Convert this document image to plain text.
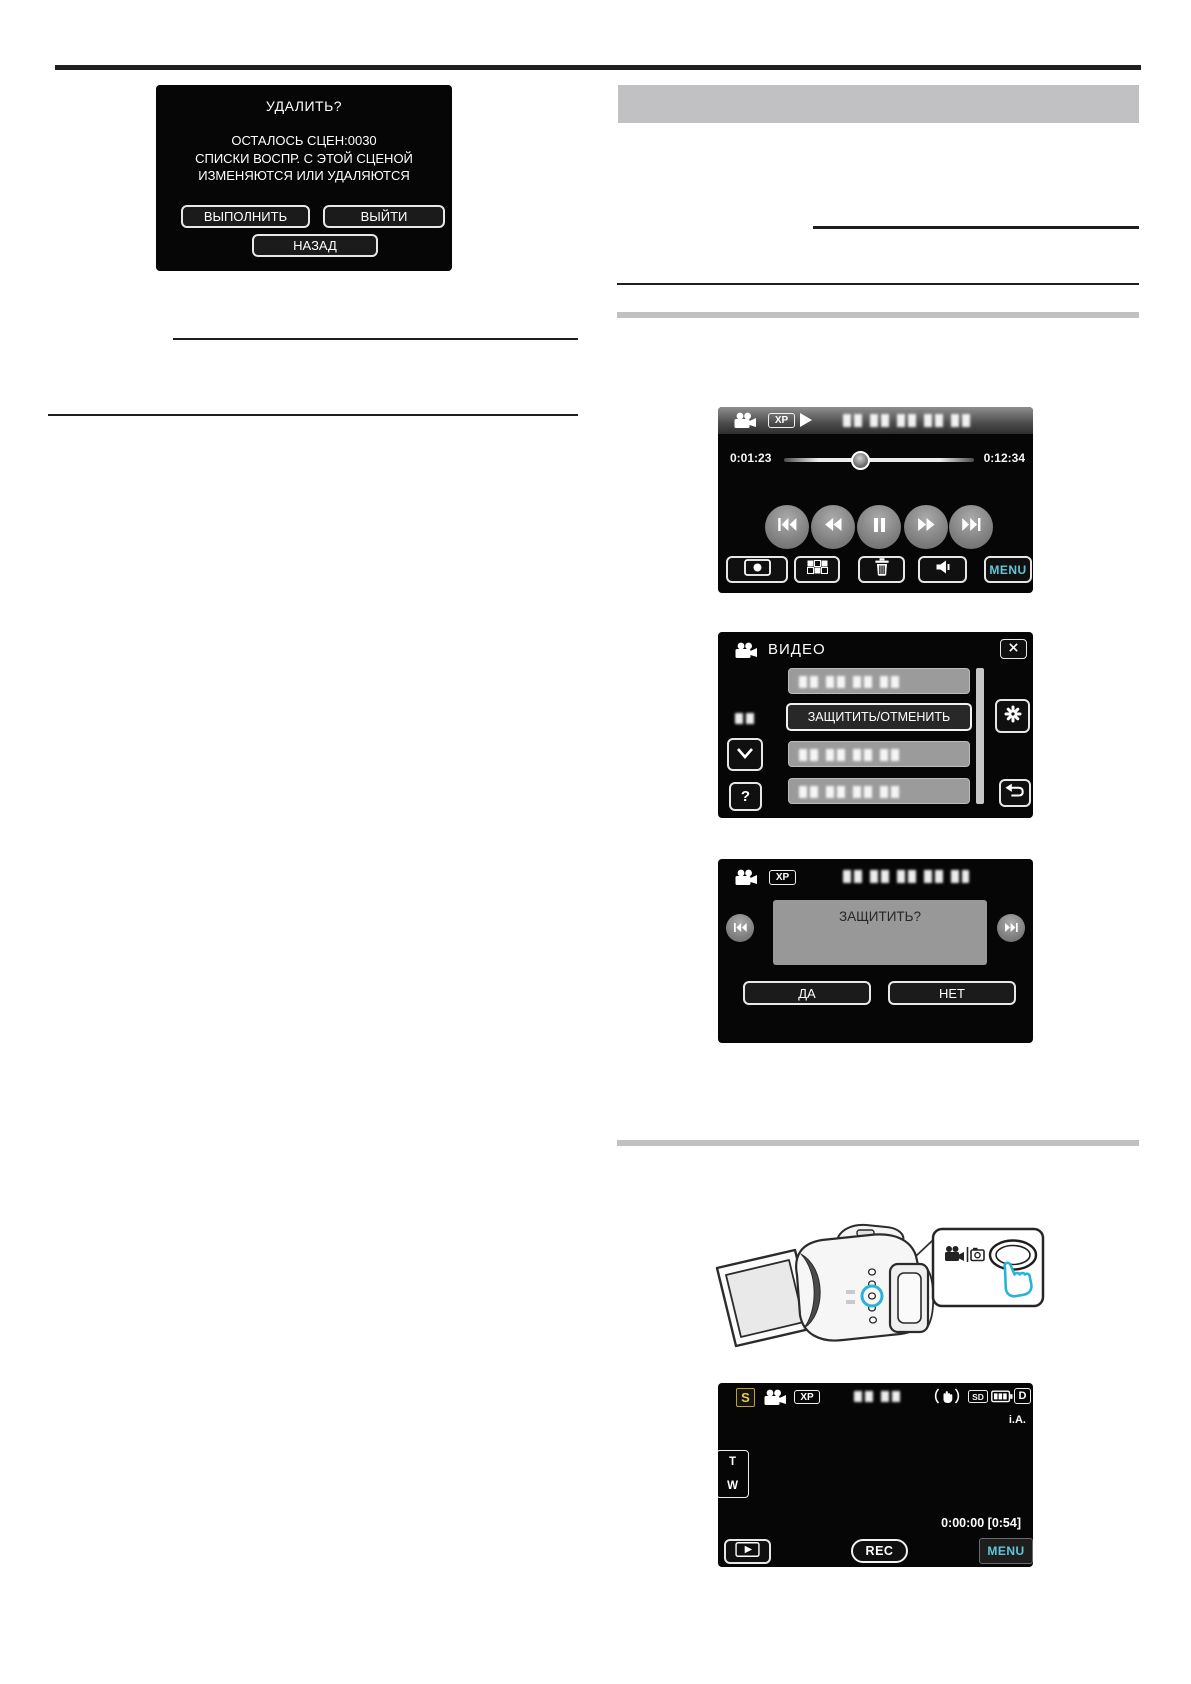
УДАЛИТЬ?
ОСТАЛОСЬ СЦЕН:0030
СПИСКИ ВОСПР. С ЭТОЙ СЦЕНОЙ
ИЗМЕНЯЮТСЯ ИЛИ УДАЛЯЮТСЯ
ВЫПОЛНИТЬ	ВЫЙТИ
НАЗАД
XP
0:01:23	0:12:34
MENU
ВИДЕО
ЗАЩИТИТЬ/ОТМЕНИТЬ
?
XP
ЗАЩИТИТЬ?
ДА	НЕТ
S	XP	SD	D
i.A.
T
W
0:00:00 [0:54]
REC	MENU
